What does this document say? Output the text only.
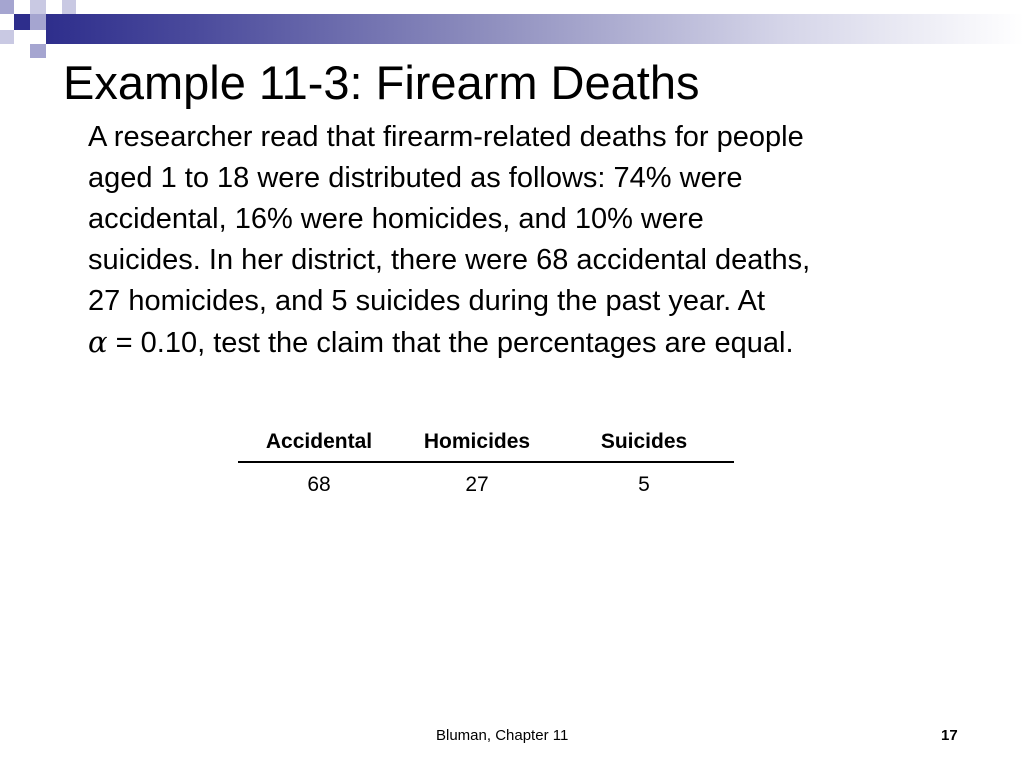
Example 11-3: Firearm Deaths

A researcher read that firearm-related deaths for people

aged 1 to 18 were distributed as follows: 74% were

accidental, 16% were homicides, and 10% were

suicides. In her district, there were 68 accidental deaths,

27 homicides, and 5 suicides during the past year. At

α = 0.10, test the claim that the percentages are equal.

Accidental	Homicides	Suicides
68	27	5
Bluman, Chapter 11	17
